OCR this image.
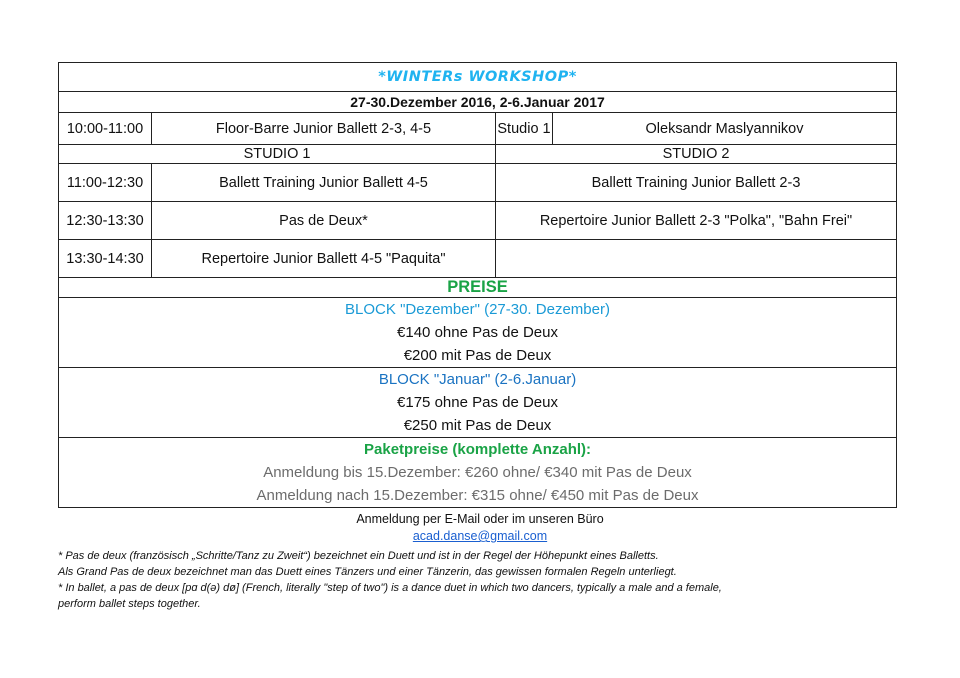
*WINTERs WORKSHOP*			
27-30.Dezember 2016, 2-6.Januar 2017			
10:00-11:00	Floor-Barre Junior Ballett 2-3, 4-5	Studio 1	Oleksandr Maslyannikov
STUDIO 1		STUDIO 2	
11:00-12:30	Ballett Training Junior Ballett 4-5	Ballett Training Junior Ballett 2-3	
12:30-13:30	Pas de Deux*	Repertoire Junior Ballett 2-3 "Polka", "Bahn Frei"	
13:30-14:30	Repertoire Junior Ballett 4-5 "Paquita"		
PREISE			

BLOCK "Dezember" (27-30. Dezember)
€140 ohne Pas de Deux
€200 mit Pas de Deux			

BLOCK "Januar" (2-6.Januar)
€175 ohne Pas de Deux
€250 mit Pas de Deux			

Paketpreise (komplette Anzahl):
Anmeldung bis 15.Dezember: €260 ohne/ €340 mit Pas de Deux
Anmeldung nach 15.Dezember: €315 ohne/ €450 mit Pas de Deux			
Anmeldung per E-Mail oder im unseren Büro
acad.danse@gmail.com
* Pas de deux (französisch „Schritte/Tanz zu Zweit“) bezeichnet ein Duett und ist in der Regel der Höhepunkt eines Balletts.
Als Grand Pas de deux bezeichnet man das Duett eines Tänzers und einer Tänzerin, das gewissen formalen Regeln unterliegt.
* In ballet, a pas de deux [pɑ d(ə) dø] (French, literally "step of two") is a dance duet in which two dancers, typically a male and a female,
perform ballet steps together.
